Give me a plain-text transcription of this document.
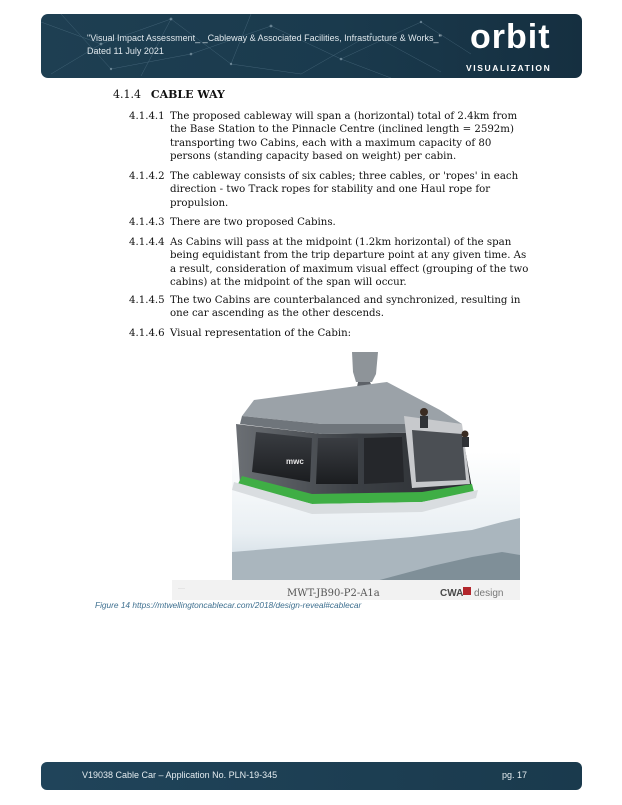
"Visual Impact Assessment_ _Cableway & Associated Facilities, Infrastructure & Works_"
Dated 11 July 2021	orbit
VISUALIZATION
4.1.4 CABLE WAY
4.1.4.1 The proposed cableway will span a (horizontal) total of 2.4km from the Base Station to the Pinnacle Centre (inclined length = 2592m) transporting two Cabins, each with a maximum capacity of 80 persons (standing capacity based on weight) per cabin.
4.1.4.2 The cableway consists of six cables; three cables, or 'ropes' in each direction - two Track ropes for stability and one Haul rope for propulsion.
4.1.4.3 There are two proposed Cabins.
4.1.4.4 As Cabins will pass at the midpoint (1.2km horizontal) of the span being equidistant from the trip departure point at any given time. As a result, consideration of maximum visual effect (grouping of the two cabins) at the midpoint of the span will occur.
4.1.4.5 The two Cabins are counterbalanced and synchronized, resulting in one car ascending as the other descends.
4.1.4.6 Visual representation of the Cabin:
mwc
.......	MWT-JB90-P2-A1a	CWA design
Figure 14 https://mtwellingtoncablecar.com/2018/design-reveal#cablecar
V19038 Cable Car – Application No. PLN-19-345	pg. 17
